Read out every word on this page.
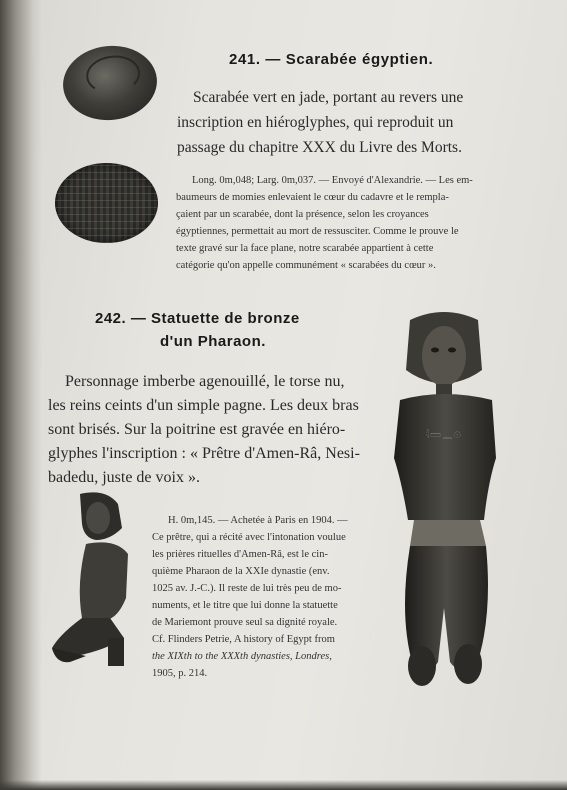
241. — Scarabée égyptien.
Scarabée vert en jade, portant au revers une
inscription en hiéroglyphes, qui reproduit un
passage du chapitre XXX du Livre des Morts.
Long. 0m,048; Larg. 0m,037. — Envoyé d'Alexandrie. — Les em-
baumeurs de momies enlevaient le cœur du cadavre et le rempla-
çaient par un scarabée, dont la présence, selon les croyances
égyptiennes, permettait au mort de ressusciter. Comme le prouve le
texte gravé sur la face plane, notre scarabée appartient à cette
catégorie qu'on appelle communément « scarabées du cœur ».
242. — Statuette de bronze
d'un Pharaon.
𓇋𓏠𓈖𓇳
Personnage imberbe agenouillé, le torse nu,
les reins ceints d'un simple pagne. Les deux bras
sont brisés. Sur la poitrine est gravée en hiéro-
glyphes l'inscription : « Prêtre d'Amen-Râ, Nesi-
badedu, juste de voix ».
H. 0m,145. — Achetée à Paris en 1904. —
Ce prêtre, qui a récité avec l'intonation voulue
les prières rituelles d'Amen-Râ, est le cin-
quième Pharaon de la XXIe dynastie (env.
1025 av. J.-C.). Il reste de lui très peu de mo-
numents, et le titre que lui donne la statuette
de Mariemont prouve seul sa dignité royale.
Cf. Flinders Petrie, A history of Egypt from
the XIXth to the XXXth dynasties, Londres,
1905, p. 214.
